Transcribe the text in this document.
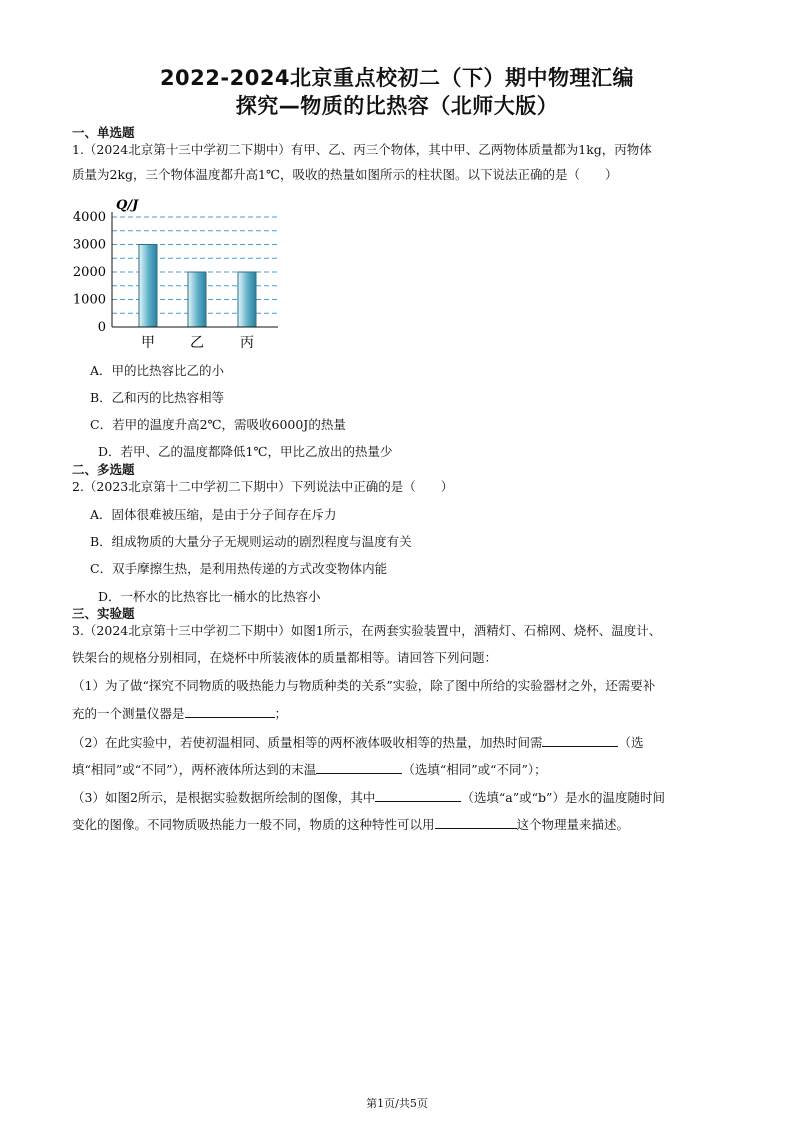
2022-2024北京重点校初二（下）期中物理汇编
探究—物质的比热容（北师大版）
一、单选题
1.（2024北京第十三中学初二下期中）有甲、乙、丙三个物体，其中甲、乙两物体质量都为1kg，丙物体
质量为2kg，三个物体温度都升高1℃，吸收的热量如图所示的柱状图。以下说法正确的是（　　）
Q/J
0
1000
2000
3000
4000
甲	乙	丙
A．甲的比热容比乙的小
B．乙和丙的比热容相等
C．若甲的温度升高2℃，需吸收6000J的热量
D．若甲、乙的温度都降低1℃，甲比乙放出的热量少
二、多选题
2.（2023北京第十二中学初二下期中）下列说法中正确的是（　　）
A．固体很难被压缩，是由于分子间存在斥力
B．组成物质的大量分子无规则运动的剧烈程度与温度有关
C．双手摩擦生热，是利用热传递的方式改变物体内能
D．一杯水的比热容比一桶水的比热容小
三、实验题
3.（2024北京第十三中学初二下期中）如图1所示，在两套实验装置中，酒精灯、石棉网、烧杯、温度计、
铁架台的规格分别相同，在烧杯中所装液体的质量都相等。请回答下列问题：
（1）为了做“探究不同物质的吸热能力与物质种类的关系”实验，除了图中所给的实验器材之外，还需要补
充的一个测量仪器是	；
（2）在此实验中，若使初温相同、质量相等的两杯液体吸收相等的热量，加热时间需	（选
填“相同”或“不同”），两杯液体所达到的末温	（选填“相同”或“不同”）；
（3）如图2所示，是根据实验数据所绘制的图像，其中	（选填“a”或“b”）是水的温度随时间
变化的图像。不同物质吸热能力一般不同，物质的这种特性可以用	这个物理量来描述。
第1页/共5页
